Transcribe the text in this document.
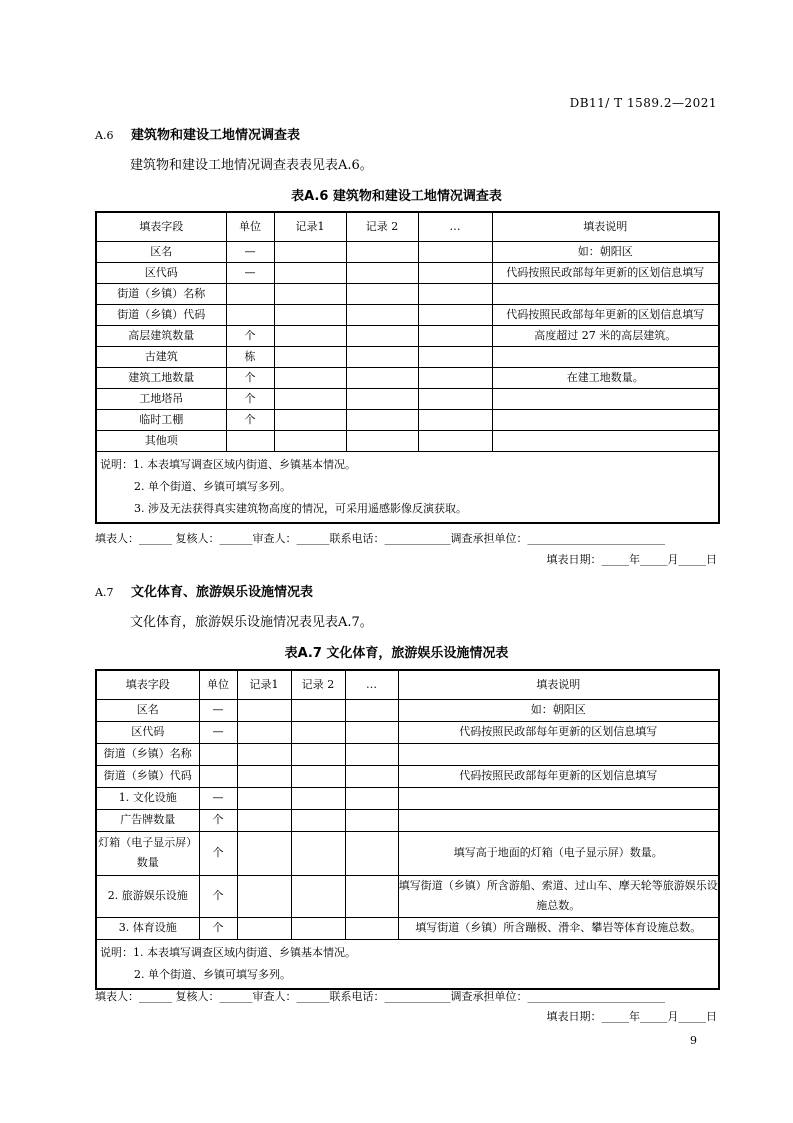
DB11/ T 1589.2—2021
A.6 建筑物和建设工地情况调查表
建筑物和建设工地情况调查表表见表A.6。
表A.6 建筑物和建设工地情况调查表
填表字段	单位	记录1	记录 2	…	填表说明
区名	—				如：朝阳区
区代码	—				代码按照民政部每年更新的区划信息填写
街道（乡镇）名称					
街道（乡镇）代码					代码按照民政部每年更新的区划信息填写
高层建筑数量	个				高度超过 27 米的高层建筑。
古建筑	栋				
建筑工地数量	个				在建工地数量。
工地塔吊	个				
临时工棚	个				
其他项					

说明：1. 本表填写调查区域内街道、乡镇基本情况。
2. 单个街道、乡镇可填写多列。
3. 涉及无法获得真实建筑物高度的情况，可采用遥感影像反演获取。					
填表人：______ 复核人：______审查人：______联系电话：____________调查承担单位：_________________________
填表日期：_____年_____月_____日
A.7 文化体育、旅游娱乐设施情况表
文化体育，旅游娱乐设施情况表见表A.7。
表A.7 文化体育，旅游娱乐设施情况表
填表字段	单位	记录1	记录 2	…	填表说明
区名	—				如：朝阳区
区代码	—				代码按照民政部每年更新的区划信息填写
街道（乡镇）名称					
街道（乡镇）代码					代码按照民政部每年更新的区划信息填写
1. 文化设施	—				
广告牌数量	个				
灯箱（电子显示屏）数量	个				填写高于地面的灯箱（电子显示屏）数量。
2. 旅游娱乐设施	个				填写街道（乡镇）所含游船、索道、过山车、摩天轮等旅游娱乐设施总数。
3. 体育设施	个				填写街道（乡镇）所含蹦极、滑伞、攀岩等体育设施总数。

说明：1. 本表填写调查区域内街道、乡镇基本情况。
2. 单个街道、乡镇可填写多列。					
填表人：______ 复核人：______审查人：______联系电话：____________调查承担单位：_________________________
填表日期：_____年_____月_____日
9
